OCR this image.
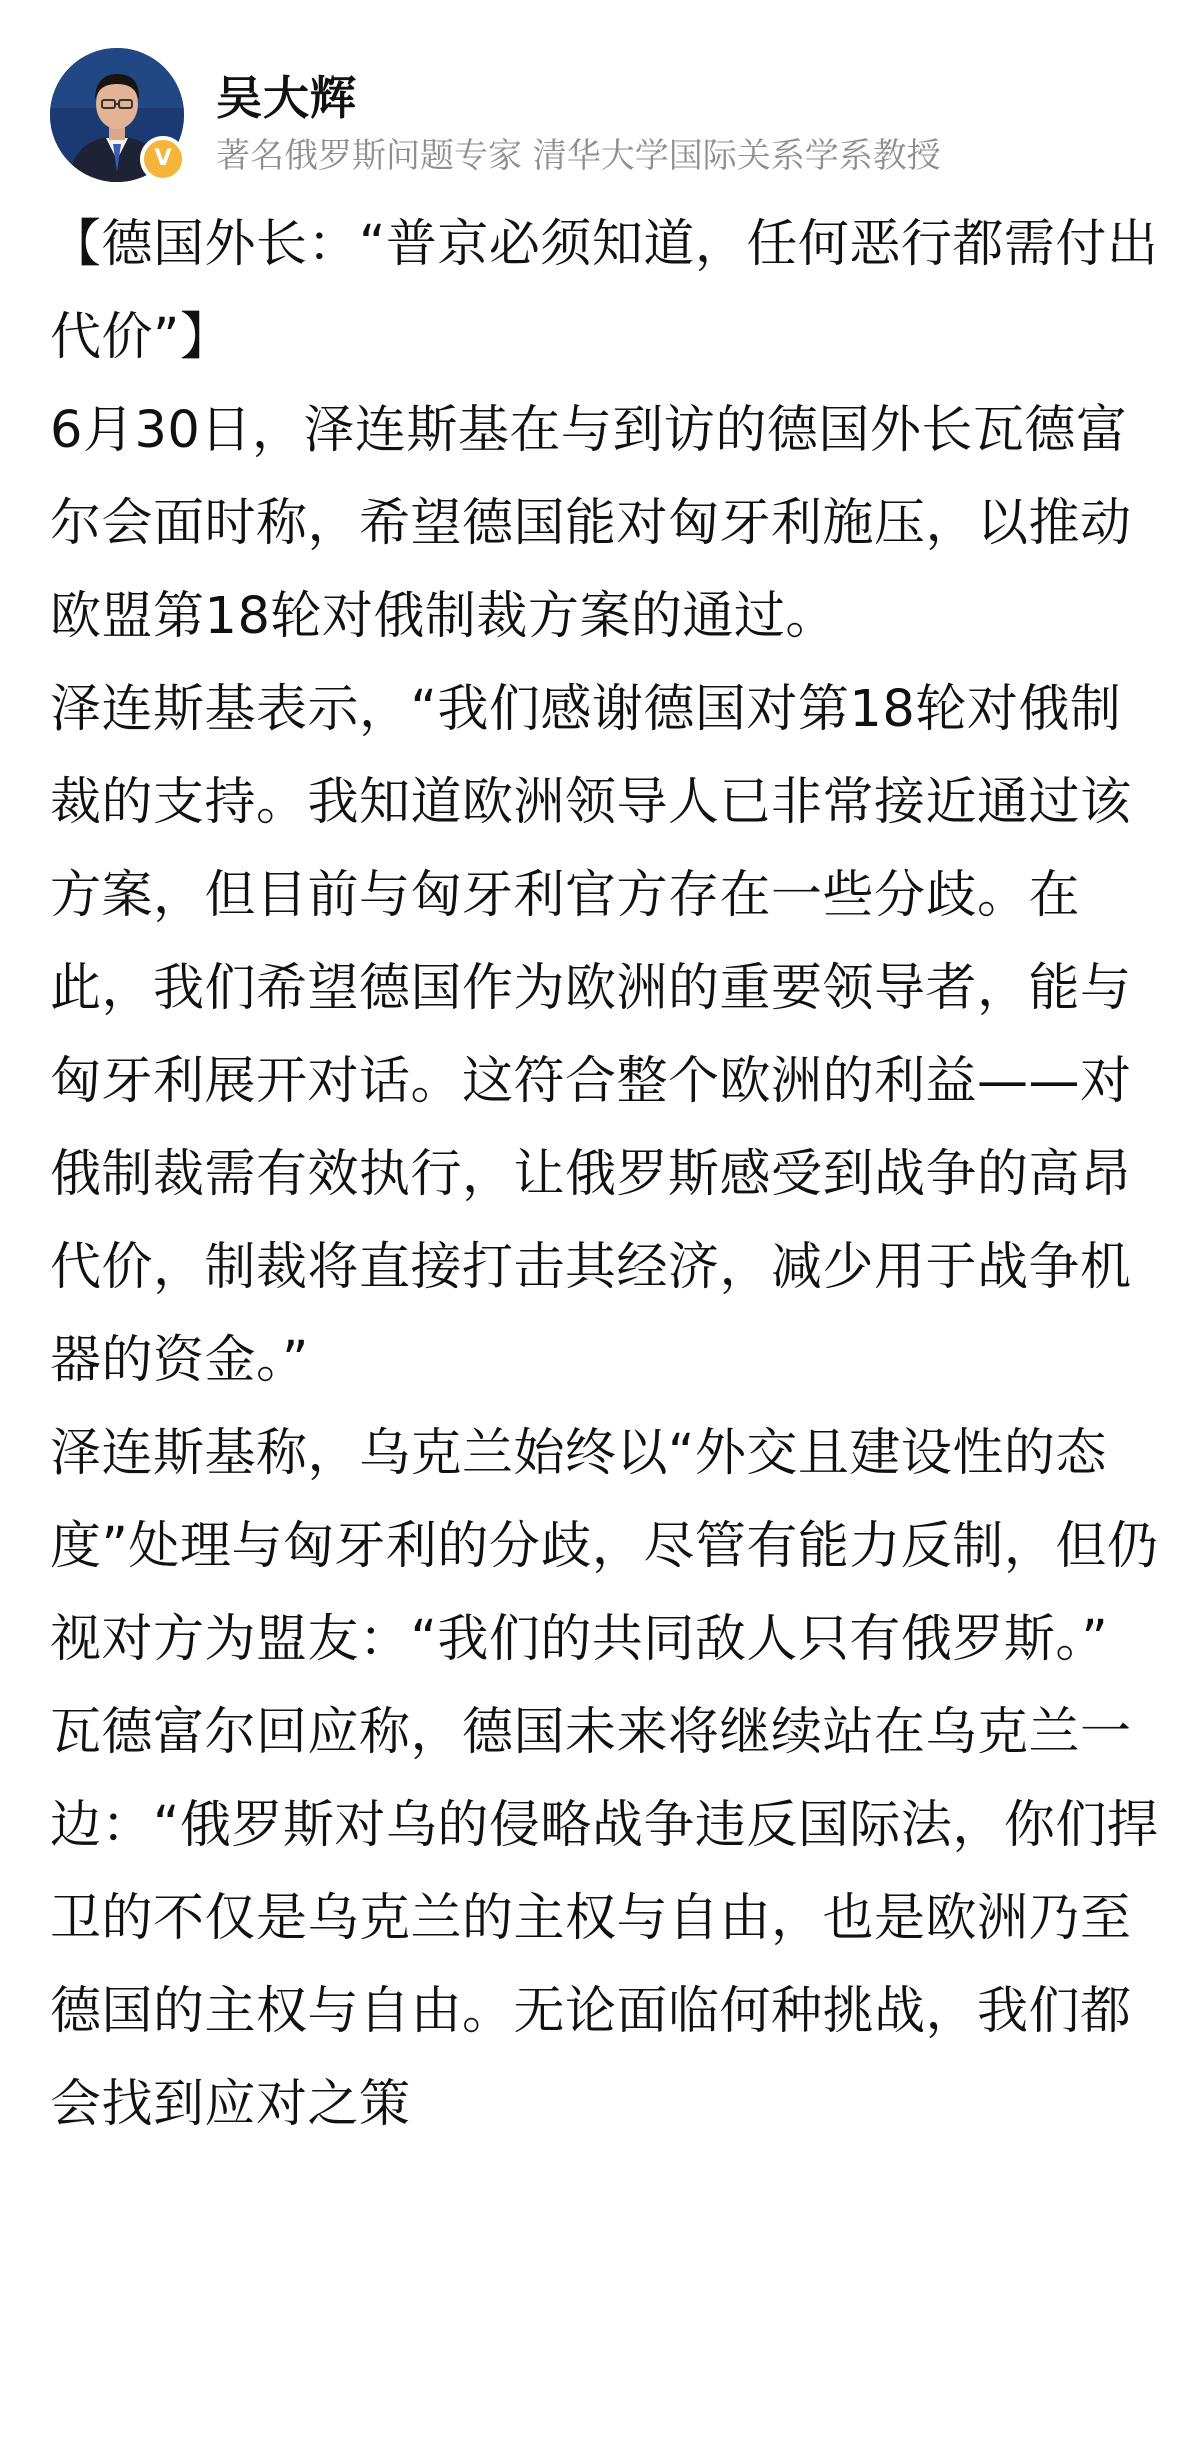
V
吴大辉
著名俄罗斯问题专家 清华大学国际关系学系教授

【德国外长：“普京必须知道，任何恶行都需付出代价”】

6月30日，泽连斯基在与到访的德国外长瓦德富尔会面时称，希望德国能对匈牙利施压，以推动欧盟第18轮对俄制裁方案的通过。

泽连斯基表示，“我们感谢德国对第18轮对俄制裁的支持。我知道欧洲领导人已非常接近通过该方案，但目前与匈牙利官方存在一些分歧。在此，我们希望德国作为欧洲的重要领导者，能与匈牙利展开对话。这符合整个欧洲的利益——对俄制裁需有效执行，让俄罗斯感受到战争的高昂代价，制裁将直接打击其经济，减少用于战争机器的资金。”

泽连斯基称，乌克兰始终以“外交且建设性的态度”处理与匈牙利的分歧，尽管有能力反制，但仍视对方为盟友：“我们的共同敌人只有俄罗斯。”

瓦德富尔回应称，德国未来将继续站在乌克兰一边：“俄罗斯对乌的侵略战争违反国际法，你们捍卫的不仅是乌克兰的主权与自由，也是欧洲乃至德国的主权与自由。无论面临何种挑战，我们都会找到应对之策
